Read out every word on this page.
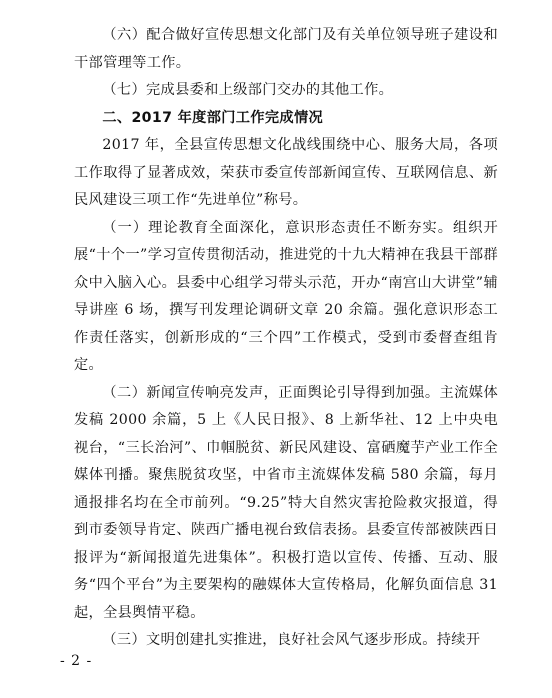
（六）配合做好宣传思想文化部门及有关单位领导班子建设和干部管理等工作。

（七）完成县委和上级部门交办的其他工作。

二、2017 年度部门工作完成情况

2017 年，全县宣传思想文化战线围绕中心、服务大局，各项工作取得了显著成效，荣获市委宣传部新闻宣传、互联网信息、新民风建设三项工作“先进单位”称号。

（一）理论教育全面深化，意识形态责任不断夯实。组织开展“十个一”学习宣传贯彻活动，推进党的十九大精神在我县干部群众中入脑入心。县委中心组学习带头示范，开办“南宫山大讲堂”辅导讲座 6 场，撰写刊发理论调研文章 20 余篇。强化意识形态工作责任落实，创新形成的“三个四”工作模式，受到市委督查组肯定。

（二）新闻宣传响亮发声，正面舆论引导得到加强。主流媒体发稿 2000 余篇，5 上《人民日报》、8 上新华社、12 上中央电视台，“三长治河”、巾帼脱贫、新民风建设、富硒魔芋产业工作全媒体刊播。聚焦脱贫攻坚，中省市主流媒体发稿 580 余篇，每月通报排名均在全市前列。“9.25”特大自然灾害抢险救灾报道，得到市委领导肯定、陕西广播电视台致信表扬。县委宣传部被陕西日报评为“新闻报道先进集体”。积极打造以宣传、传播、互动、服务“四个平台”为主要架构的融媒体大宣传格局，化解负面信息 31 起，全县舆情平稳。

（三）文明创建扎实推进，良好社会风气逐步形成。持续开

- 2 -
